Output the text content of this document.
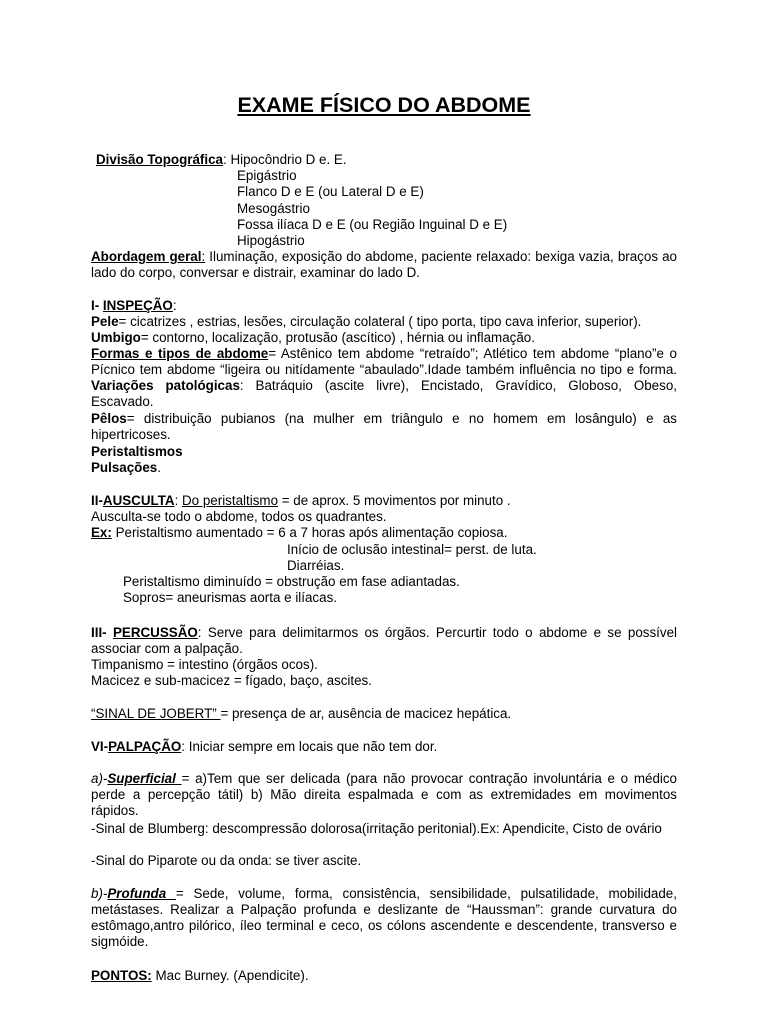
EXAME FÍSICO DO ABDOME
Divisão Topográfica: Hipocôndrio D e. E.
Epigástrio
Flanco D e E (ou Lateral D e E)
Mesogástrio
Fossa ilíaca D e E (ou Região Inguinal D e E)
Hipogástrio
Abordagem geral: Iluminação, exposição do abdome, paciente relaxado: bexiga vazia, braços ao lado do corpo, conversar e distrair, examinar do lado D.
I- INSPEÇÃO:
Pele= cicatrizes , estrias, lesões, circulação colateral ( tipo porta, tipo cava inferior, superior).
Umbigo= contorno, localização, protusão (ascítico) , hérnia ou inflamação.
Formas e tipos de abdome= Astênico tem abdome “retraído”; Atlético tem abdome “plano”e o Pícnico tem abdome “ligeira ou nitídamente “abaulado”.Idade também influência no tipo e forma. Variações patológicas: Batráquio (ascite livre), Encistado, Gravídico, Globoso, Obeso, Escavado.
Pêlos= distribuição pubianos (na mulher em triângulo e no homem em losângulo) e as hipertricoses.
Peristaltismos
Pulsações.
II-AUSCULTA: Do peristaltismo = de aprox. 5 movimentos por minuto .
Ausculta-se todo o abdome, todos os quadrantes.
Ex: Peristaltismo aumentado = 6 a 7 horas após alimentação copiosa.
Início de oclusão intestinal= perst. de luta.
Diarréias.
Peristaltismo diminuído = obstrução em fase adiantadas.
Sopros= aneurismas aorta e ilíacas.
III- PERCUSSÃO: Serve para delimitarmos os órgãos. Percurtir todo o abdome e se possível associar com a palpação.
Timpanismo = intestino (órgãos ocos).
Macicez e sub-macicez = fígado, baço, ascites.
“SINAL DE JOBERT” = presença de ar, ausência de macicez hepática.
VI-PALPAÇÃO: Iniciar sempre em locais que não tem dor.
a)-Superficial = a)Tem que ser delicada (para não provocar contração involuntária e o médico perde a percepção tátil) b) Mão direita espalmada e com as extremidades em movimentos rápidos.
-Sinal de Blumberg: descompressão dolorosa(irritação peritonial).Ex: Apendicite, Cisto de ovário
-Sinal do Piparote ou da onda: se tiver ascite.
b)-Profunda = Sede, volume, forma, consistência, sensibilidade, pulsatilidade, mobilidade, metástases. Realizar a Palpação profunda e deslizante de “Haussman”: grande curvatura do estômago,antro pilórico, íleo terminal e ceco, os cólons ascendente e descendente, transverso e sigmóide.
PONTOS: Mac Burney. (Apendicite).
